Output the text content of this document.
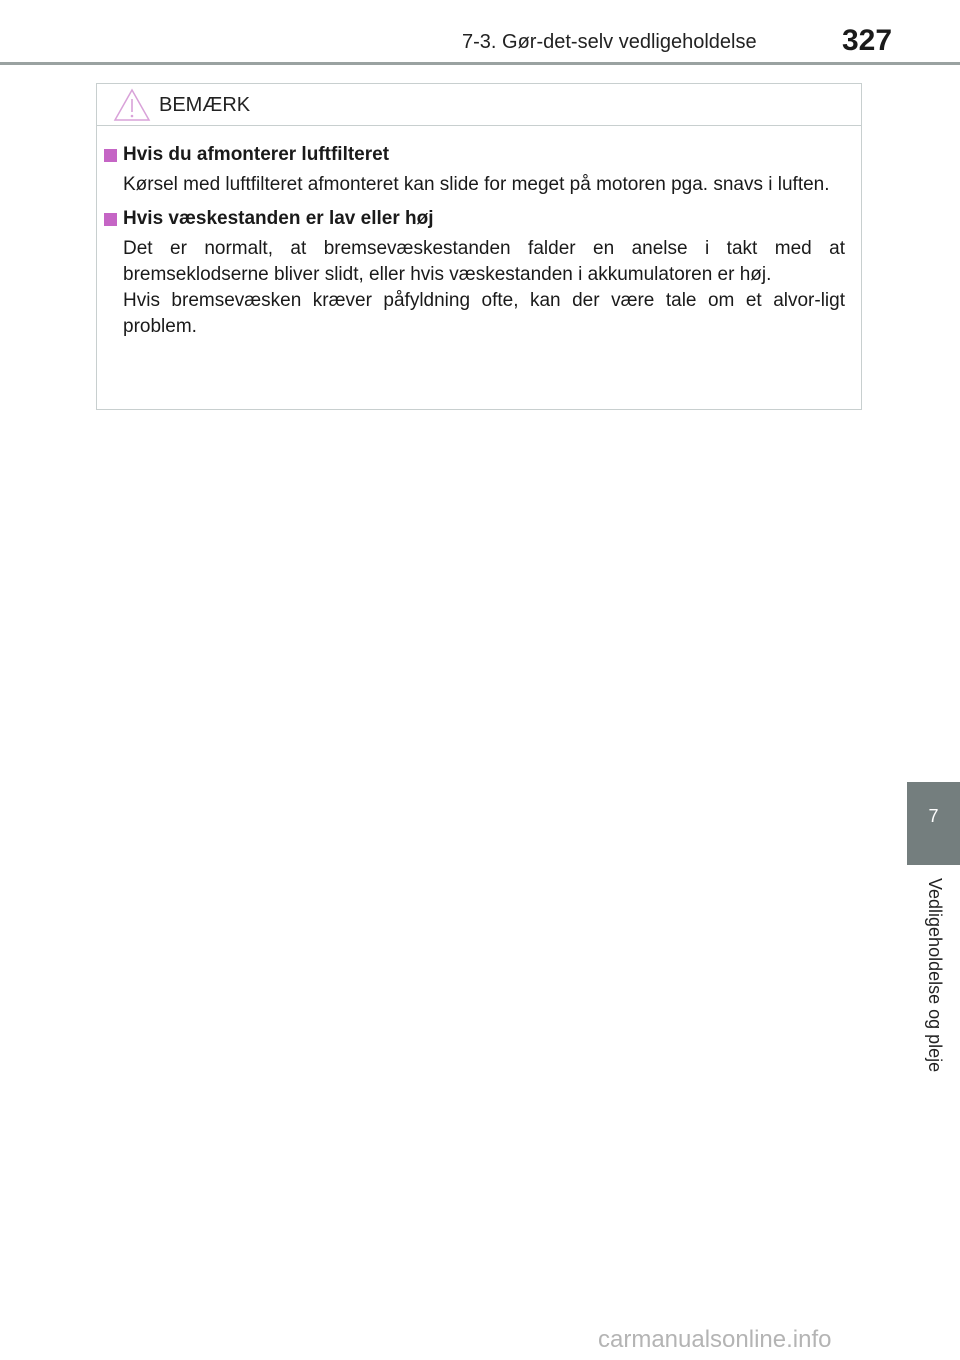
7-3. Gør-det-selv vedligeholdelse	327
BEMÆRK
Hvis du afmonterer luftfilteret
Kørsel med luftfilteret afmonteret kan slide for meget på motoren pga. snavs i luften.
Hvis væskestanden er lav eller høj
Det er normalt, at bremsevæskestanden falder en anelse i takt med at bremseklodserne bliver slidt, eller hvis væskestanden i akkumulatoren er høj.
Hvis bremsevæsken kræver påfyldning ofte, kan der være tale om et alvor-ligt problem.
7
Vedligeholdelse og pleje
carmanualsonline.info
